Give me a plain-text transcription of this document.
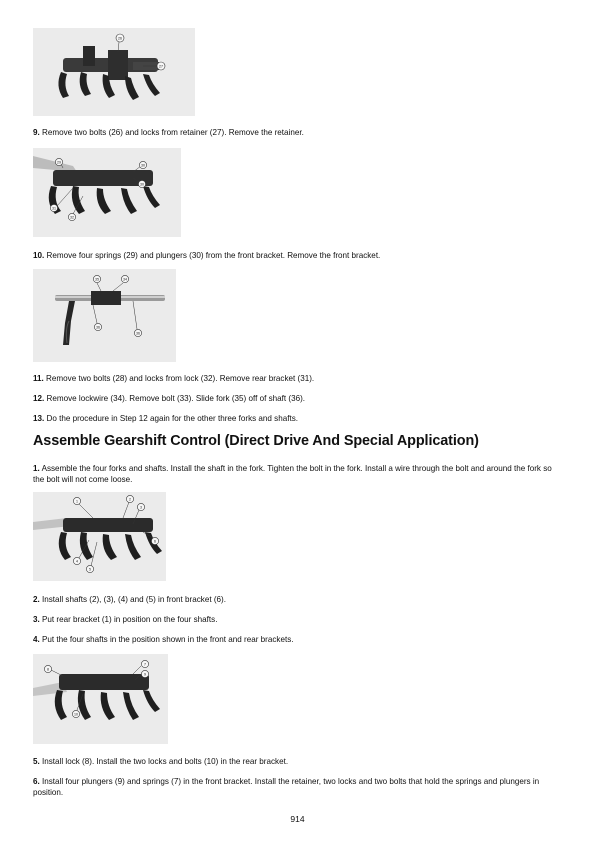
26
27

9. Remove two bolts (26) and locks from retainer (27). Remove the retainer.

29
30
30
31
32

10. Remove four springs (29) and plungers (30) from the front bracket. Remove the front bracket.

35	34
36
36

11. Remove two bolts (28) and locks from lock (32). Remove rear bracket (31).

12. Remove lockwire (34). Remove bolt (33). Slide fork (35) off of shaft (36).

13. Do the procedure in Step 12 again for the other three forks and shafts.

Assemble Gearshift Control (Direct Drive And Special Application)

1. Assemble the four forks and shafts. Install the shaft in the fork. Tighten the bolt in the fork. Install a wire through the bolt and around the fork so the bolt will not come loose.

1	2
3
4
5
6

2. Install shafts (2), (3), (4) and (5) in front bracket (6).

3. Put rear bracket (1) in position on the four shafts.

4. Put the four shafts in the position shown in the front and rear brackets.

7
9
8
10

5. Install lock (8). Install the two locks and bolts (10) in the rear bracket.

6. Install four plungers (9) and springs (7) in the front bracket. Install the retainer, two locks and two bolts that hold the springs and plungers in position.

914
